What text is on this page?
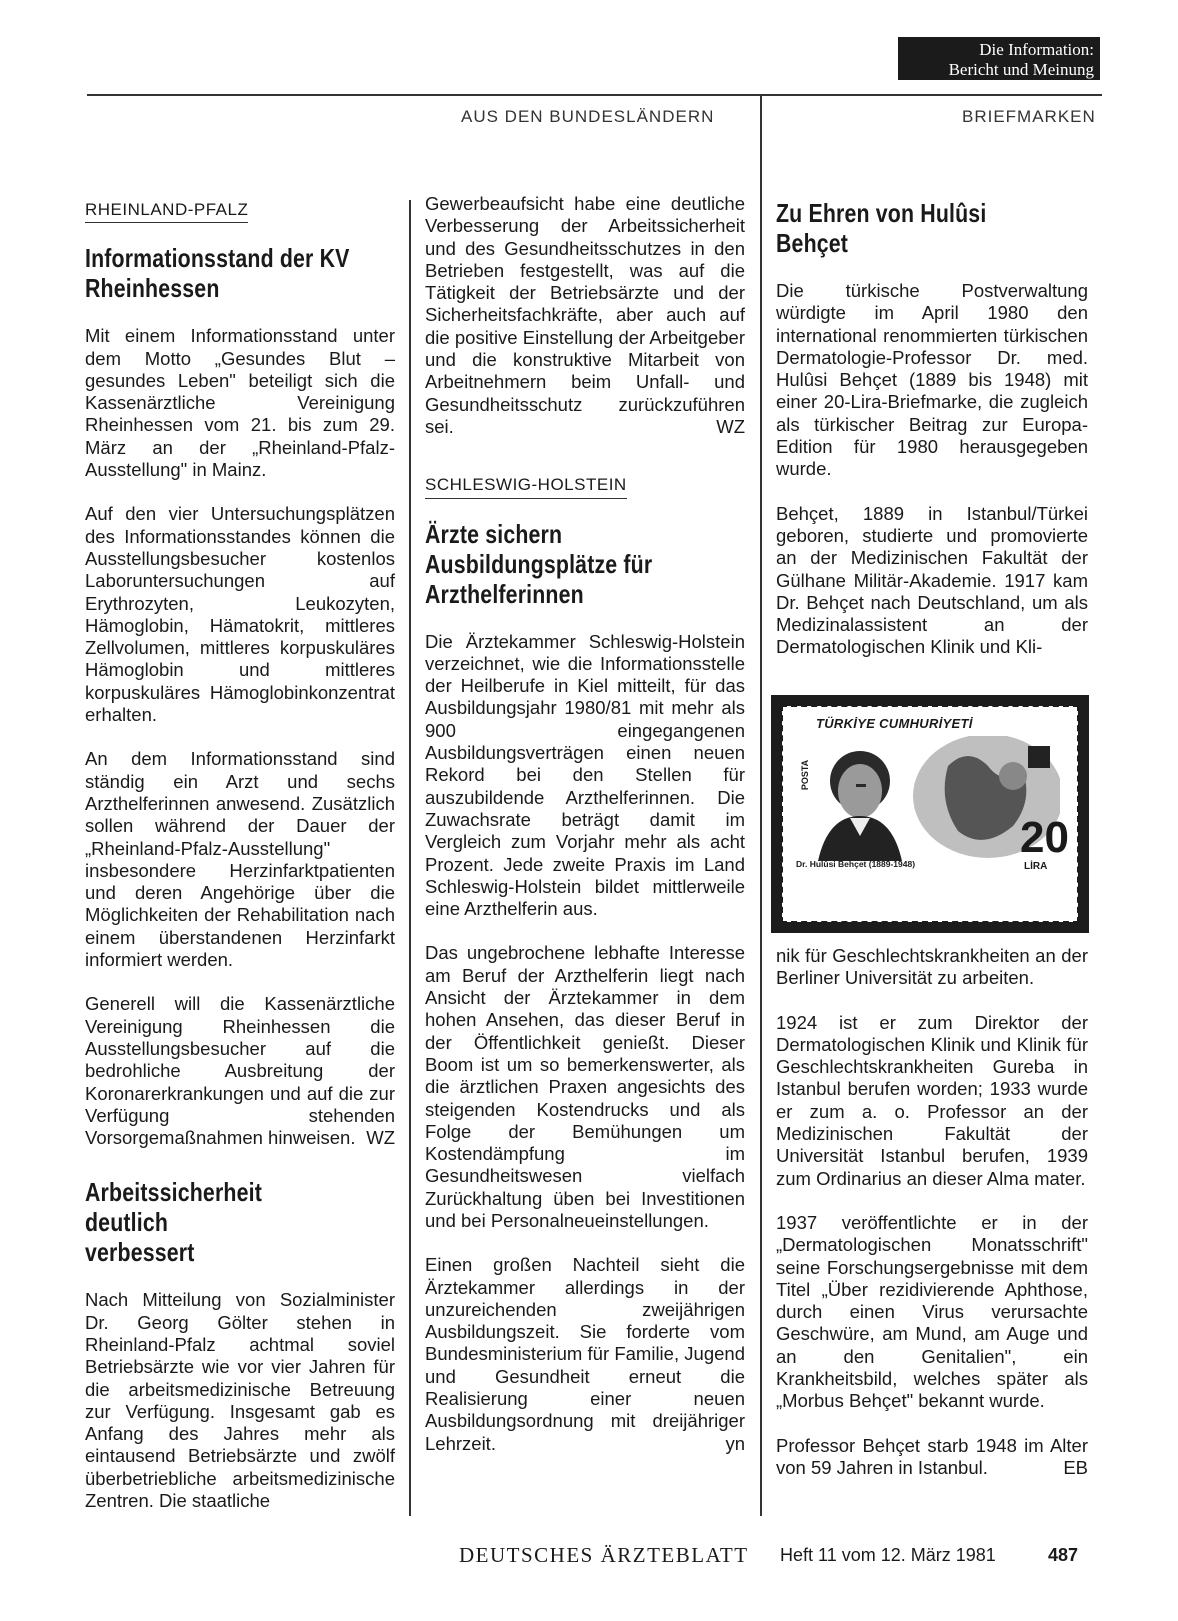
Die Information:
Bericht und Meinung
AUS DEN BUNDESLÄNDERN	BRIEFMARKEN
RHEINLAND-PFALZ
Informationsstand der KV Rheinhessen

Mit einem Informationsstand unter dem Motto „Gesundes Blut – gesundes Leben" beteiligt sich die Kassenärztliche Vereinigung Rheinhessen vom 21. bis zum 29. März an der „Rheinland-Pfalz-Ausstellung" in Mainz.

Auf den vier Untersuchungsplätzen des Informationsstandes können die Ausstellungsbesucher kostenlos Laboruntersuchungen auf Erythrozyten, Leukozyten, Hämoglobin, Hämatokrit, mittleres Zellvolumen, mittleres korpuskuläres Hämoglobin und mittleres korpuskuläres Hämoglobinkonzentrat erhalten.

An dem Informationsstand sind ständig ein Arzt und sechs Arzthelferinnen anwesend. Zusätzlich sollen während der Dauer der „Rheinland-Pfalz-Ausstellung" insbesondere Herzinfarktpatienten und deren Angehörige über die Möglichkeiten der Rehabilitation nach einem überstandenen Herzinfarkt informiert werden.

Generell will die Kassenärztliche Vereinigung Rheinhessen die Ausstellungsbesucher auf die bedrohliche Ausbreitung der Koronarerkrankungen und auf die zur Verfügung stehenden Vorsorgemaßnahmen hinweisen. WZ

Arbeitssicherheit deutlich verbessert

Nach Mitteilung von Sozialminister Dr. Georg Gölter stehen in Rheinland-Pfalz achtmal soviel Betriebsärzte wie vor vier Jahren für die arbeitsmedizinische Betreuung zur Verfügung. Insgesamt gab es Anfang des Jahres mehr als eintausend Betriebsärzte und zwölf überbetriebliche arbeitsmedizinische Zentren. Die staatliche

Gewerbeaufsicht habe eine deutliche Verbesserung der Arbeitssicherheit und des Gesundheitsschutzes in den Betrieben festgestellt, was auf die Tätigkeit der Betriebsärzte und der Sicherheitsfachkräfte, aber auch auf die positive Einstellung der Arbeitgeber und die konstruktive Mitarbeit von Arbeitnehmern beim Unfall- und Gesundheitsschutz zurückzuführen sei.	WZ

SCHLESWIG-HOLSTEIN
Ärzte sichern Ausbildungsplätze für Arzthelferinnen

Die Ärztekammer Schleswig-Holstein verzeichnet, wie die Informationsstelle der Heilberufe in Kiel mitteilt, für das Ausbildungsjahr 1980/81 mit mehr als 900 eingegangenen Ausbildungsverträgen einen neuen Rekord bei den Stellen für auszubildende Arzthelferinnen. Die Zuwachsrate beträgt damit im Vergleich zum Vorjahr mehr als acht Prozent. Jede zweite Praxis im Land Schleswig-Holstein bildet mittlerweile eine Arzthelferin aus.

Das ungebrochene lebhafte Interesse am Beruf der Arzthelferin liegt nach Ansicht der Ärztekammer in dem hohen Ansehen, das dieser Beruf in der Öffentlichkeit genießt. Dieser Boom ist um so bemerkenswerter, als die ärztlichen Praxen angesichts des steigenden Kostendrucks und als Folge der Bemühungen um Kostendämpfung im Gesundheitswesen vielfach Zurückhaltung üben bei Investitionen und bei Personalneueinstellungen.

Einen großen Nachteil sieht die Ärztekammer allerdings in der unzureichenden zweijährigen Ausbildungszeit. Sie forderte vom Bundesministerium für Familie, Jugend und Gesundheit erneut die Realisierung einer neuen Ausbildungsordnung mit dreijähriger Lehrzeit.	yn

Zu Ehren von Hulûsi Behçet

Die türkische Postverwaltung würdigte im April 1980 den international renommierten türkischen Dermatologie-Professor Dr. med. Hulûsi Behçet (1889 bis 1948) mit einer 20-Lira-Briefmarke, die zugleich als türkischer Beitrag zur Europa-Edition für 1980 herausgegeben wurde.

Behçet, 1889 in Istanbul/Türkei geboren, studierte und promovierte an der Medizinischen Fakultät der Gülhane Militär-Akademie. 1917 kam Dr. Behçet nach Deutschland, um als Medizinalassistent an der Dermatologischen Klinik und Kli-

TÜRKİYE CUMHURİYETİ
POSTA
Dr. Hulûsi Behçet (1889-1948)
20
LİRA

nik für Geschlechtskrankheiten an der Berliner Universität zu arbeiten.

1924 ist er zum Direktor der Dermatologischen Klinik und Klinik für Geschlechtskrankheiten Gureba in Istanbul berufen worden; 1933 wurde er zum a. o. Professor an der Medizinischen Fakultät der Universität Istanbul berufen, 1939 zum Ordinarius an dieser Alma mater.

1937 veröffentlichte er in der „Dermatologischen Monatsschrift" seine Forschungsergebnisse mit dem Titel „Über rezidivierende Aphthose, durch einen Virus verursachte Geschwüre, am Mund, am Auge und an den Genitalien", ein Krankheitsbild, welches später als „Morbus Behçet" bekannt wurde.

Professor Behçet starb 1948 im Alter von 59 Jahren in Istanbul.	EB

DEUTSCHES ÄRZTEBLATT Heft 11 vom 12. März 1981	487
